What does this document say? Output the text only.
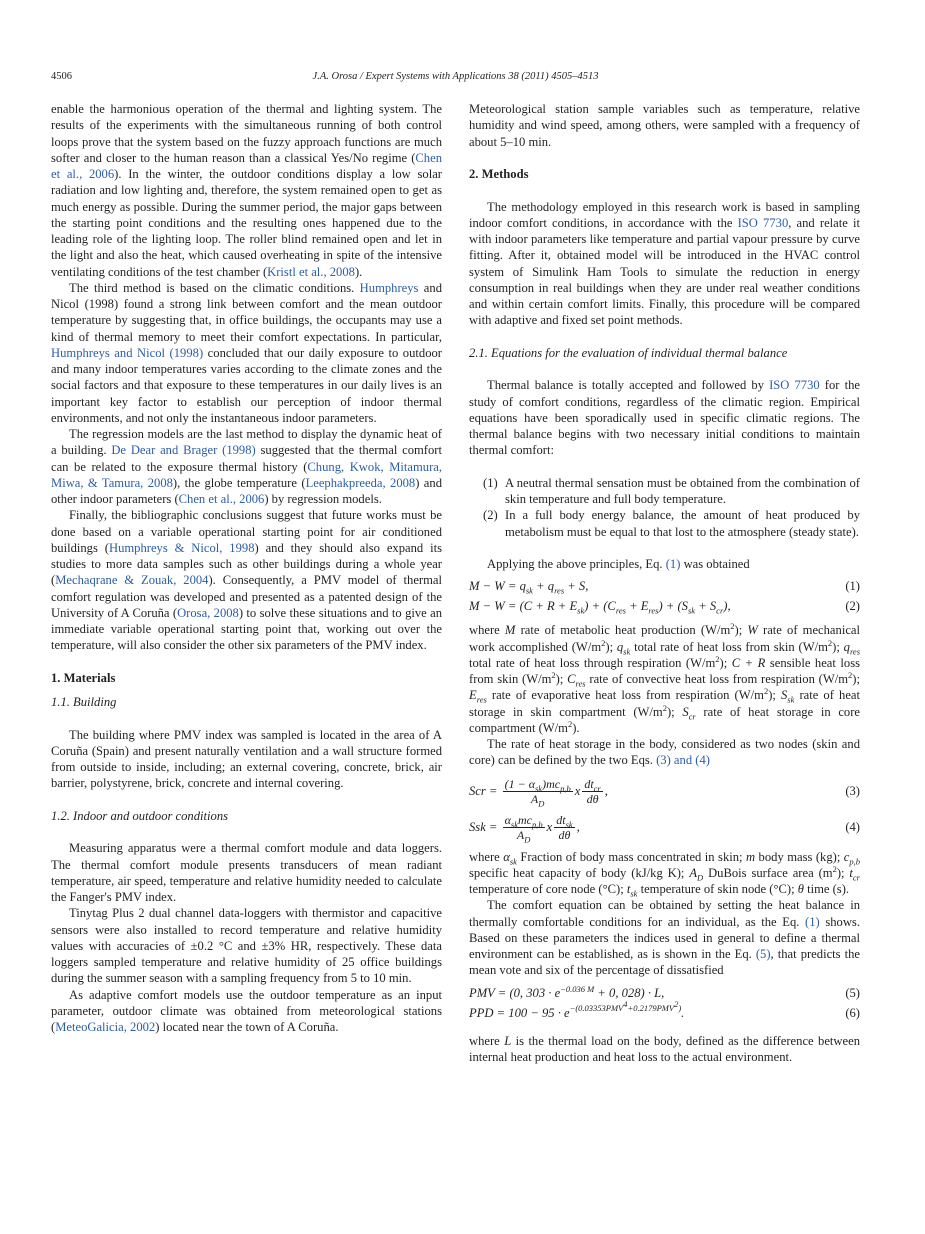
4506	J.A. Orosa / Expert Systems with Applications 38 (2011) 4505–4513

enable the harmonious operation of the thermal and lighting system. The results of the experiments with the simultaneous running of both control loops prove that the system based on the fuzzy approach functions are much softer and closer to the human reason than a classical Yes/No regime (Chen et al., 2006). In the winter, the outdoor conditions display a low solar radiation and low lighting and, therefore, the system remained open to get as much energy as possible. During the summer period, the major gaps between the starting point conditions and the resulting ones happened due to the leading role of the lighting loop. The roller blind remained open and let in the light and also the heat, which caused overheating in spite of the intensive ventilating conditions of the test chamber (Kristl et al., 2008).

The third method is based on the climatic conditions. Humphreys and Nicol (1998) found a strong link between comfort and the mean outdoor temperature by suggesting that, in office buildings, the occupants may use a kind of thermal memory to meet their comfort expectations. In particular, Humphreys and Nicol (1998) concluded that our daily exposure to outdoor and many indoor temperatures varies according to the climate zones and the social factors and that exposure to these temperatures in our daily lives is an important key factor to establish our perception of indoor thermal environments, and not only the instantaneous indoor parameters.

The regression models are the last method to display the dynamic heat of a building. De Dear and Brager (1998) suggested that the thermal comfort can be related to the exposure thermal history (Chung, Kwok, Mitamura, Miwa, & Tamura, 2008), the globe temperature (Leephakpreeda, 2008) and other indoor parameters (Chen et al., 2006) by regression models.

Finally, the bibliographic conclusions suggest that future works must be done based on a variable operational starting point for air conditioned buildings (Humphreys & Nicol, 1998) and they should also expand its studies to more data samples such as other buildings during a whole year (Mechaqrane & Zouak, 2004). Consequently, a PMV model of thermal comfort regulation was developed and presented as a patented design of the University of A Coruña (Orosa, 2008) to solve these situations and to give an immediate variable operational starting point that, working out over the temperature, will also consider the other six parameters of the PMV index.

1. Materials
1.1. Building

The building where PMV index was sampled is located in the area of A Coruña (Spain) and present naturally ventilation and a wall structure formed from outside to inside, including; an external covering, concrete, brick, air barrier, polystyrene, brick, concrete and internal covering.

1.2. Indoor and outdoor conditions

Measuring apparatus were a thermal comfort module and data loggers. The thermal comfort module presents transducers of mean radiant temperature, air speed, temperature and relative humidity needed to calculate the Fanger's PMV index.

Tinytag Plus 2 dual channel data-loggers with thermistor and capacitive sensors were also installed to record temperature and relative humidity values with accuracies of ±0.2 °C and ±3% HR, respectively. These data loggers sampled temperature and relative humidity of 25 office buildings during the summer season with a sampling frequency from 5 to 10 min.

As adaptive comfort models use the outdoor temperature as an input parameter, outdoor climate was obtained from meteorological stations (MeteoGalicia, 2002) located near the town of A Coruña.

Meteorological station sample variables such as temperature, relative humidity and wind speed, among others, were sampled with a frequency of about 5–10 min.

2. Methods

The methodology employed in this research work is based in sampling indoor comfort conditions, in accordance with the ISO 7730, and relate it with indoor parameters like temperature and partial vapour pressure by curve fitting. After it, obtained model will be introduced in the HVAC control system of Simulink Ham Tools to simulate the reduction in energy consumption in real buildings when they are under real weather conditions and within certain comfort limits. Finally, this procedure will be compared with adaptive and fixed set point methods.

2.1. Equations for the evaluation of individual thermal balance

Thermal balance is totally accepted and followed by ISO 7730 for the study of comfort conditions, regardless of the climatic region. Empirical equations have been sporadically used in specific climatic regions. The thermal balance begins with two necessary initial conditions to maintain thermal comfort:

(1) A neutral thermal sensation must be obtained from the combination of skin temperature and full body temperature.
(2) In a full body energy balance, the amount of heat produced by metabolism must be equal to that lost to the atmosphere (steady state).

Applying the above principles, Eq. (1) was obtained

$M - W = q_{sk} + q_{res} + S$,	(1)
$M - W = (C + R + E_{sk}) + (C_{res} + E_{res}) + (S_{sk} + S_{cr})$,	(2)

where M rate of metabolic heat production $(W/m^2)$; W rate of mechanical work accomplished $(W/m^2)$; $q_{sk}$ total rate of heat loss from skin $(W/m^2)$; $q_{res}$ total rate of heat loss through respiration $(W/m^2)$; C + R sensible heat loss from skin $(W/m^2)$; $C_{res}$ rate of convective heat loss from respiration $(W/m^2)$; $E_{res}$ rate of evaporative heat loss from respiration $(W/m^2)$; $S_{sk}$ rate of heat storage in skin compartment $(W/m^2)$; $S_{cr}$ rate of heat storage in core compartment $(W/m^2)$.

The rate of heat storage in the body, considered as two nodes (skin and core) can be defined by the two Eqs. (3) and (4)

Scr = $\frac{(1 - \alpha_{sk})mc_{p,b}}{A_D}$ x $\frac{dt_{cr}}{d\theta}$ ,	(3)
Ssk = $\frac{\alpha_{sk}mc_{p,b}}{A_D}$ x $\frac{dt_{sk}}{d\theta}$ ,	(4)

where $\alpha_{sk}$ Fraction of body mass concentrated in skin; m body mass (kg); $c_{p,b}$ specific heat capacity of body (kJ/kg K); $A_D$ DuBois surface area $(m^2)$; $t_{cr}$ temperature of core node (°C); $t_{sk}$ temperature of skin node (°C); θ time (s).

The comfort equation can be obtained by setting the heat balance in thermally comfortable conditions for an individual, as the Eq. (1) shows. Based on these parameters the indices used in general to define a thermal environment can be established, as is shown in the Eq. (5), that predicts the mean vote and six of the percentage of dissatisfied

PMV = (0, $303 \cdot e^{-0.036 M} + 0$, 028) · L,	(5)
PPD = $100 - 95 \cdot e^{-(0.03353PMV^4+0.2179PMV^2)}$.	(6)

where L is the thermal load on the body, defined as the difference between internal heat production and heat loss to the actual environment.
